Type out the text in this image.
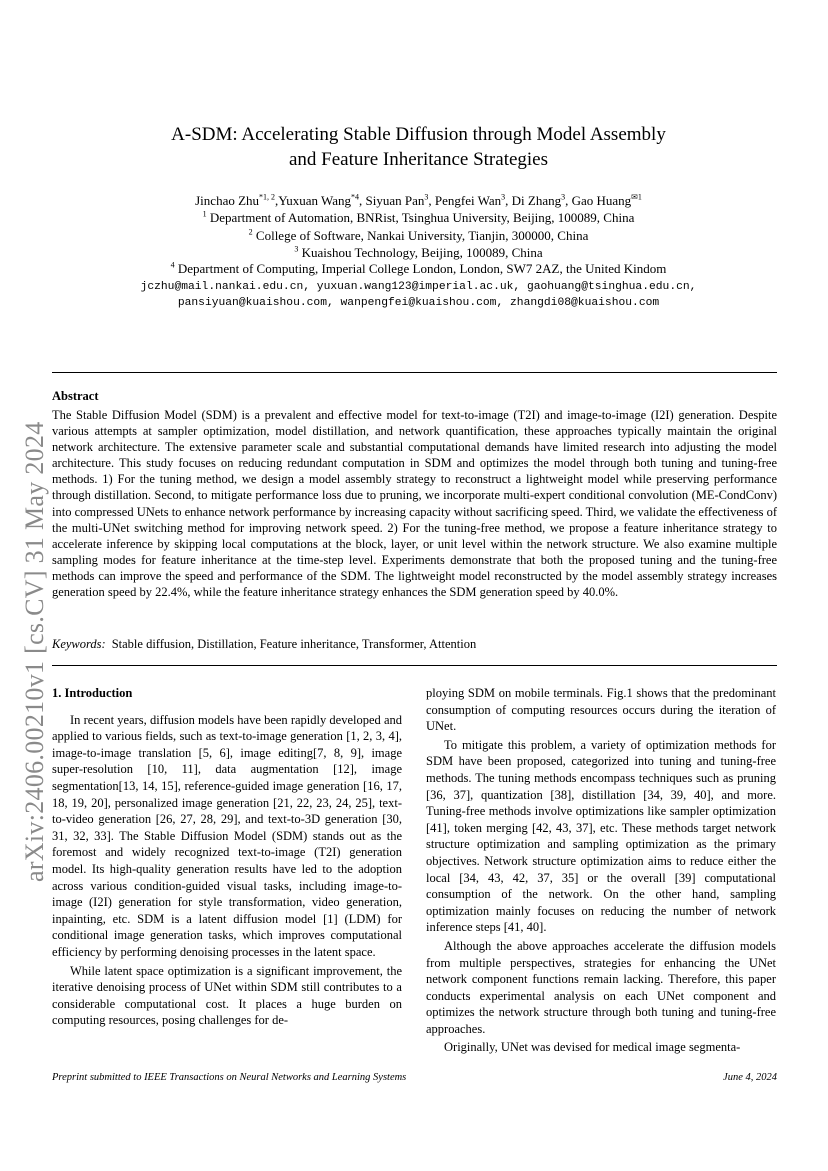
arXiv:2406.00210v1 [cs.CV] 31 May 2024
A-SDM: Accelerating Stable Diffusion through Model Assembly
and Feature Inheritance Strategies
Jinchao Zhu$^{*1, 2}$,Yuxuan Wang$^{*4}$, Siyuan Pan$^3$, Pengfei Wan$^3$, Di Zhang$^3$, Gao Huang$^{✉1}$
$^1$ Department of Automation, BNRist, Tsinghua University, Beijing, 100089, China
$^2$ College of Software, Nankai University, Tianjin, 300000, China
$^3$ Kuaishou Technology, Beijing, 100089, China
$^4$ Department of Computing, Imperial College London, London, SW7 2AZ, the United Kindom
jczhu@mail.nankai.edu.cn, yuxuan.wang123@imperial.ac.uk, gaohuang@tsinghua.edu.cn,
pansiyuan@kuaishou.com, wanpengfei@kuaishou.com, zhangdi08@kuaishou.com
Abstract
The Stable Diffusion Model (SDM) is a prevalent and effective model for text-to-image (T2I) and image-to-image (I2I) generation. Despite various attempts at sampler optimization, model distillation, and network quantification, these approaches typically maintain the original network architecture. The extensive parameter scale and substantial computational demands have limited research into adjusting the model architecture. This study focuses on reducing redundant computation in SDM and optimizes the model through both tuning and tuning-free methods. 1) For the tuning method, we design a model assembly strategy to reconstruct a lightweight model while preserving performance through distillation. Second, to mitigate performance loss due to pruning, we incorporate multi-expert conditional convolution (ME-CondConv) into compressed UNets to enhance network performance by increasing capacity without sacrificing speed. Third, we validate the effectiveness of the multi-UNet switching method for improving network speed. 2) For the tuning-free method, we propose a feature inheritance strategy to accelerate inference by skipping local computations at the block, layer, or unit level within the network structure. We also examine multiple sampling modes for feature inheritance at the time-step level. Experiments demonstrate that both the proposed tuning and the tuning-free methods can improve the speed and performance of the SDM. The lightweight model reconstructed by the model assembly strategy increases generation speed by 22.4%, while the feature inheritance strategy enhances the SDM generation speed by 40.0%.
Keywords: Stable diffusion, Distillation, Feature inheritance, Transformer, Attention
1. Introduction

In recent years, diffusion models have been rapidly developed and applied to various fields, such as text-to-image generation [1, 2, 3, 4], image-to-image translation [5, 6], image editing[7, 8, 9], image super-resolution [10, 11], data augmentation [12], image segmentation[13, 14, 15], reference-guided image generation [16, 17, 18, 19, 20], personalized image generation [21, 22, 23, 24, 25], text-to-video generation [26, 27, 28, 29], and text-to-3D generation [30, 31, 32, 33]. The Stable Diffusion Model (SDM) stands out as the foremost and widely recognized text-to-image (T2I) generation model. Its high-quality generation results have led to the adoption across various condition-guided visual tasks, including image-to-image (I2I) generation for style transformation, video generation, inpainting, etc. SDM is a latent diffusion model [1] (LDM) for conditional image generation tasks, which improves computational efficiency by performing denoising processes in the latent space.

While latent space optimization is a significant improvement, the iterative denoising process of UNet within SDM still contributes to a considerable computational cost. It places a huge burden on computing resources, posing challenges for de-

ploying SDM on mobile terminals. Fig.1 shows that the predominant consumption of computing resources occurs during the iteration of UNet.

To mitigate this problem, a variety of optimization methods for SDM have been proposed, categorized into tuning and tuning-free methods. The tuning methods encompass techniques such as pruning [36, 37], quantization [38], distillation [34, 39, 40], and more. Tuning-free methods involve optimizations like sampler optimization [41], token merging [42, 43, 37], etc. These methods target network structure optimization and sampling optimization as the primary objectives. Network structure optimization aims to reduce either the local [34, 43, 42, 37, 35] or the overall [39] computational consumption of the network. On the other hand, sampling optimization mainly focuses on reducing the number of network inference steps [41, 40].

Although the above approaches accelerate the diffusion models from multiple perspectives, strategies for enhancing the UNet network component functions remain lacking. Therefore, this paper conducts experimental analysis on each UNet component and optimizes the network structure through both tuning and tuning-free approaches.

Originally, UNet was devised for medical image segmenta-

Preprint submitted to IEEE Transactions on Neural Networks and Learning Systems	June 4, 2024
